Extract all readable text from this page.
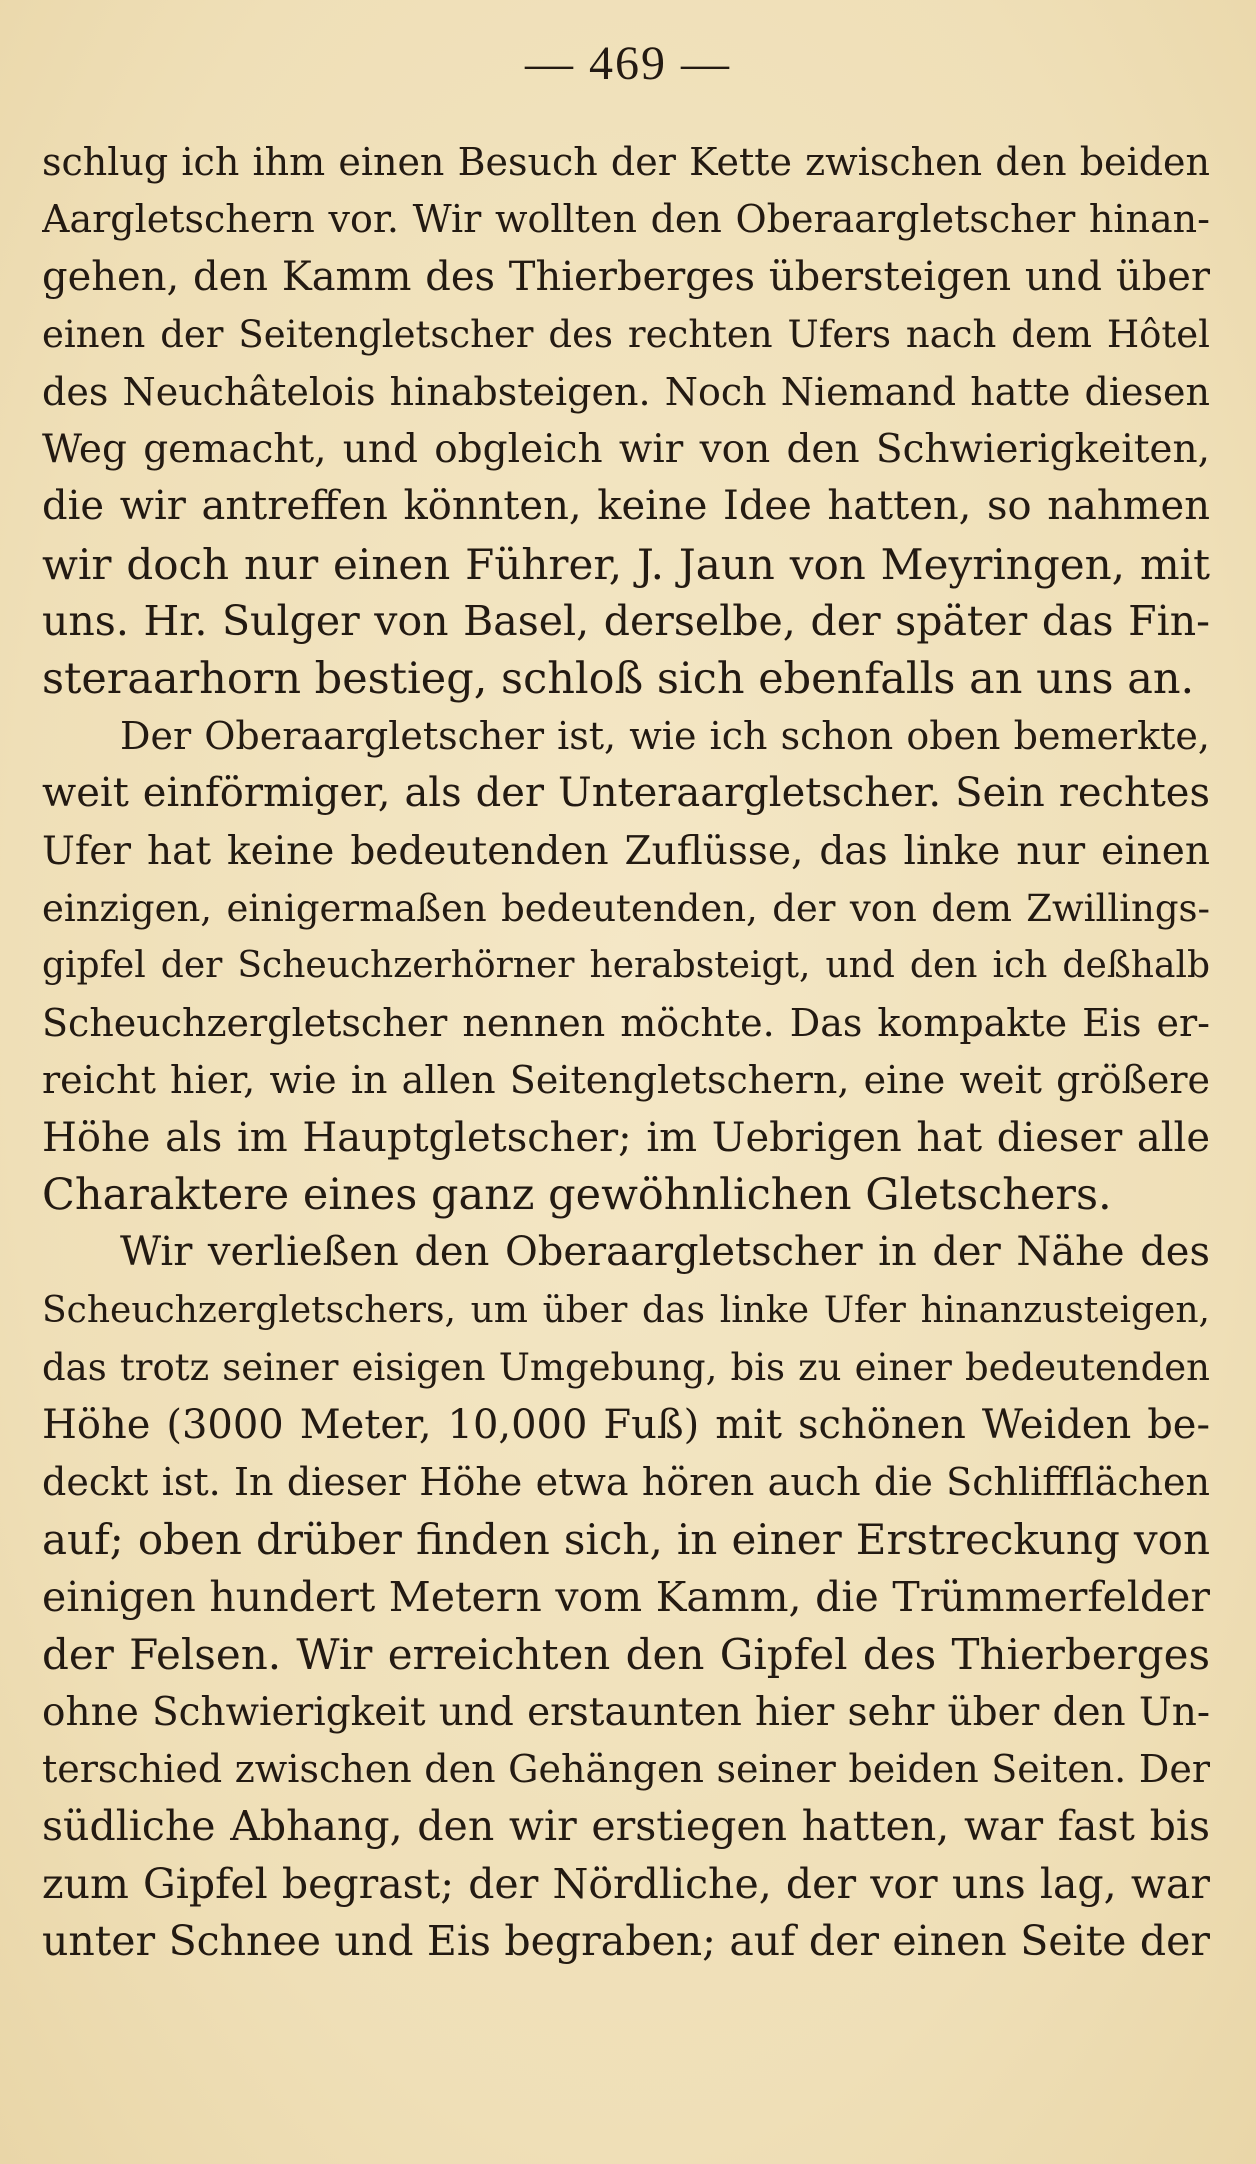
— 469 —
schlug ich ihm einen Besuch der Kette zwischen den beiden
Aargletschern vor. Wir wollten den Oberaargletscher hinan-
gehen, den Kamm des Thierberges übersteigen und über
einen der Seitengletscher des rechten Ufers nach dem Hôtel
des Neuchâtelois hinabsteigen. Noch Niemand hatte diesen
Weg gemacht, und obgleich wir von den Schwierigkeiten,
die wir antreffen könnten, keine Idee hatten, so nahmen
wir doch nur einen Führer, J. Jaun von Meyringen, mit
uns. Hr. Sulger von Basel, derselbe, der später das Fin-
steraarhorn bestieg, schloß sich ebenfalls an uns an.
Der Oberaargletscher ist, wie ich schon oben bemerkte,
weit einförmiger, als der Unteraargletscher. Sein rechtes
Ufer hat keine bedeutenden Zuflüsse, das linke nur einen
einzigen, einigermaßen bedeutenden, der von dem Zwillings-
gipfel der Scheuchzerhörner herabsteigt, und den ich deßhalb
Scheuchzergletscher nennen möchte. Das kompakte Eis er-
reicht hier, wie in allen Seitengletschern, eine weit größere
Höhe als im Hauptgletscher; im Uebrigen hat dieser alle
Charaktere eines ganz gewöhnlichen Gletschers.
Wir verließen den Oberaargletscher in der Nähe des
Scheuchzergletschers, um über das linke Ufer hinanzusteigen,
das trotz seiner eisigen Umgebung, bis zu einer bedeutenden
Höhe (3000 Meter, 10,000 Fuß) mit schönen Weiden be-
deckt ist. In dieser Höhe etwa hören auch die Schliffflächen
auf; oben drüber finden sich, in einer Erstreckung von
einigen hundert Metern vom Kamm, die Trümmerfelder
der Felsen. Wir erreichten den Gipfel des Thierberges
ohne Schwierigkeit und erstaunten hier sehr über den Un-
terschied zwischen den Gehängen seiner beiden Seiten. Der
südliche Abhang, den wir erstiegen hatten, war fast bis
zum Gipfel begrast; der Nördliche, der vor uns lag, war
unter Schnee und Eis begraben; auf der einen Seite der
